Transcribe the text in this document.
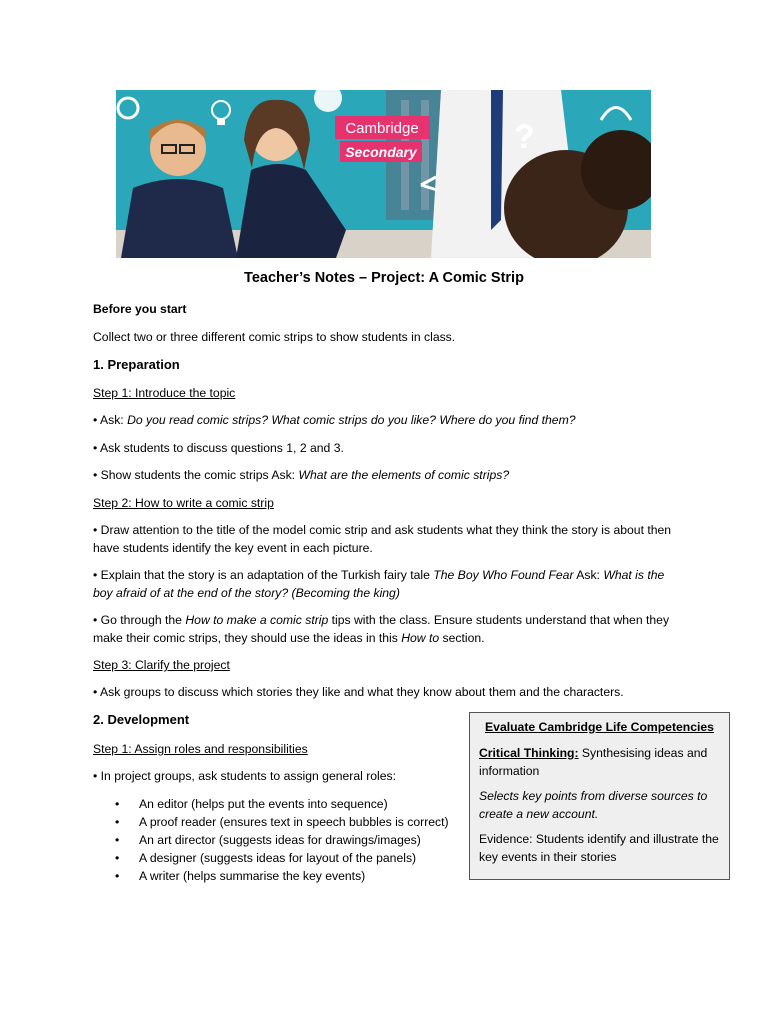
Cambridge
Secondary	?
Teacher’s Notes – Project: A Comic Strip
Before you start
Collect two or three different comic strips to show students in class.
1. Preparation
Step 1: Introduce the topic
• Ask: Do you read comic strips? What comic strips do you like? Where do you find them?
• Ask students to discuss questions 1, 2 and 3.
• Show students the comic strips Ask: What are the elements of comic strips?
Step 2: How to write a comic strip
• Draw attention to the title of the model comic strip and ask students what they think the story is about then have students identify the key event in each picture.
• Explain that the story is an adaptation of the Turkish fairy tale The Boy Who Found Fear Ask: What is the boy afraid of at the end of the story? (Becoming the king)
• Go through the How to make a comic strip tips with the class. Ensure students understand that when they make their comic strips, they should use the ideas in this How to section.
Step 3: Clarify the project
• Ask groups to discuss which stories they like and what they know about them and the characters.
2. Development
Step 1: Assign roles and responsibilities
• In project groups, ask students to assign general roles:
• An editor (helps put the events into sequence)
• A proof reader (ensures text in speech bubbles is correct)
• An art director (suggests ideas for drawings/images)
• A designer (suggests ideas for layout of the panels)
• A writer (helps summarise the key events)
Evaluate Cambridge Life Competencies
Critical Thinking: Synthesising ideas and information
Selects key points from diverse sources to create a new account.
Evidence: Students identify and illustrate the key events in their stories
